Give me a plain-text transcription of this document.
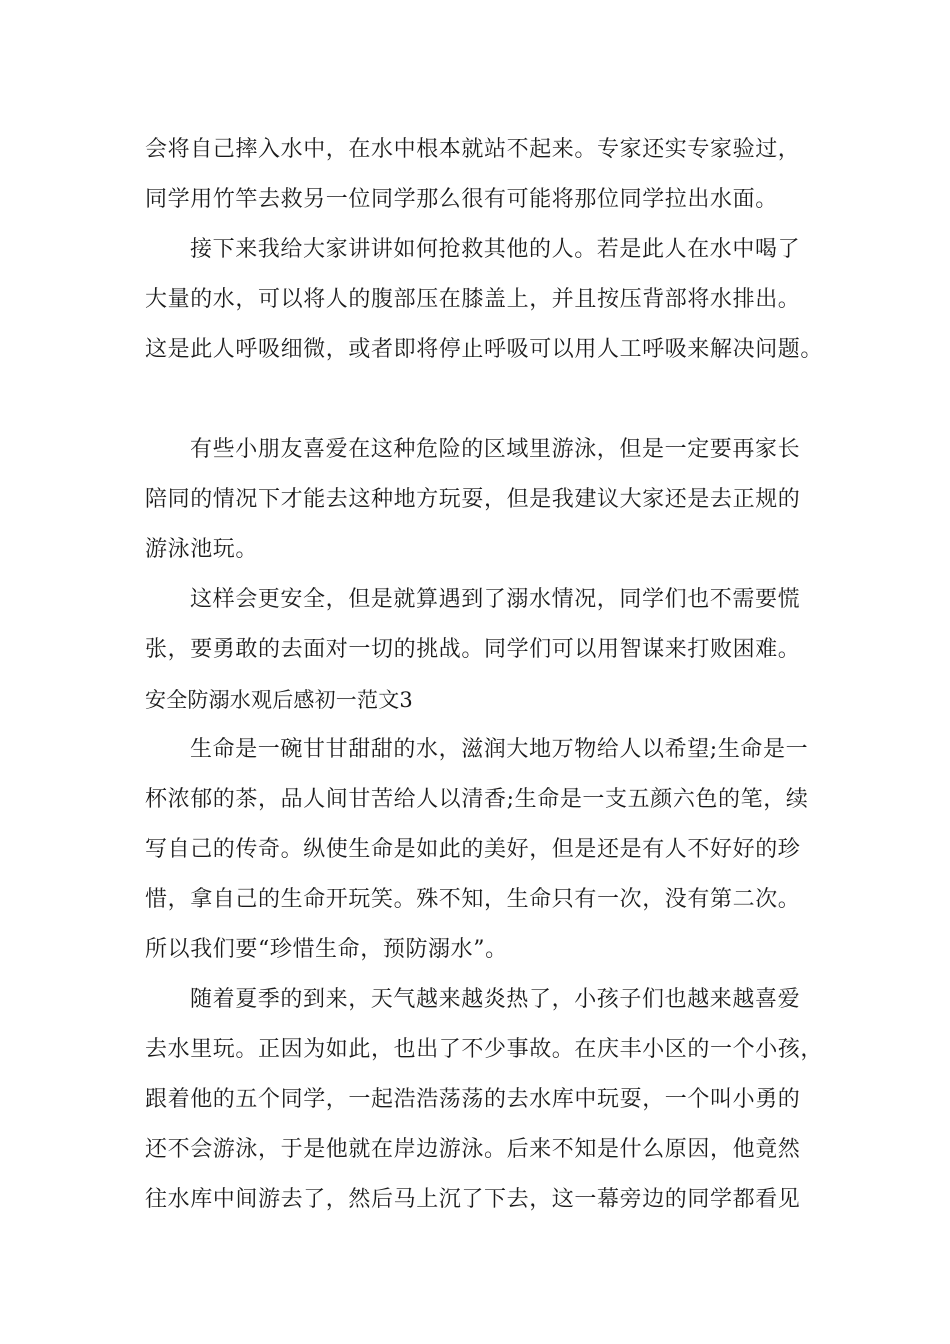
会将自己摔入水中，在水中根本就站不起来。专家还实专家验过，

同学用竹竿去救另一位同学那么很有可能将那位同学拉出水面。

接下来我给大家讲讲如何抢救其他的人。若是此人在水中喝了

大量的水，可以将人的腹部压在膝盖上，并且按压背部将水排出。

这是此人呼吸细微，或者即将停止呼吸可以用人工呼吸来解决问题。

有些小朋友喜爱在这种危险的区域里游泳，但是一定要再家长

陪同的情况下才能去这种地方玩耍，但是我建议大家还是去正规的

游泳池玩。

这样会更安全，但是就算遇到了溺水情况，同学们也不需要慌

张，要勇敢的去面对一切的挑战。同学们可以用智谋来打败困难。

安全防溺水观后感初一范文3

生命是一碗甘甘甜甜的水，滋润大地万物给人以希望;生命是一

杯浓郁的茶，品人间甘苦给人以清香;生命是一支五颜六色的笔，续

写自己的传奇。纵使生命是如此的美好，但是还是有人不好好的珍

惜，拿自己的生命开玩笑。殊不知，生命只有一次，没有第二次。

所以我们要“珍惜生命，预防溺水”。

随着夏季的到来，天气越来越炎热了，小孩子们也越来越喜爱

去水里玩。正因为如此，也出了不少事故。在庆丰小区的一个小孩，

跟着他的五个同学，一起浩浩荡荡的去水库中玩耍，一个叫小勇的

还不会游泳，于是他就在岸边游泳。后来不知是什么原因，他竟然

往水库中间游去了，然后马上沉了下去，这一幕旁边的同学都看见
